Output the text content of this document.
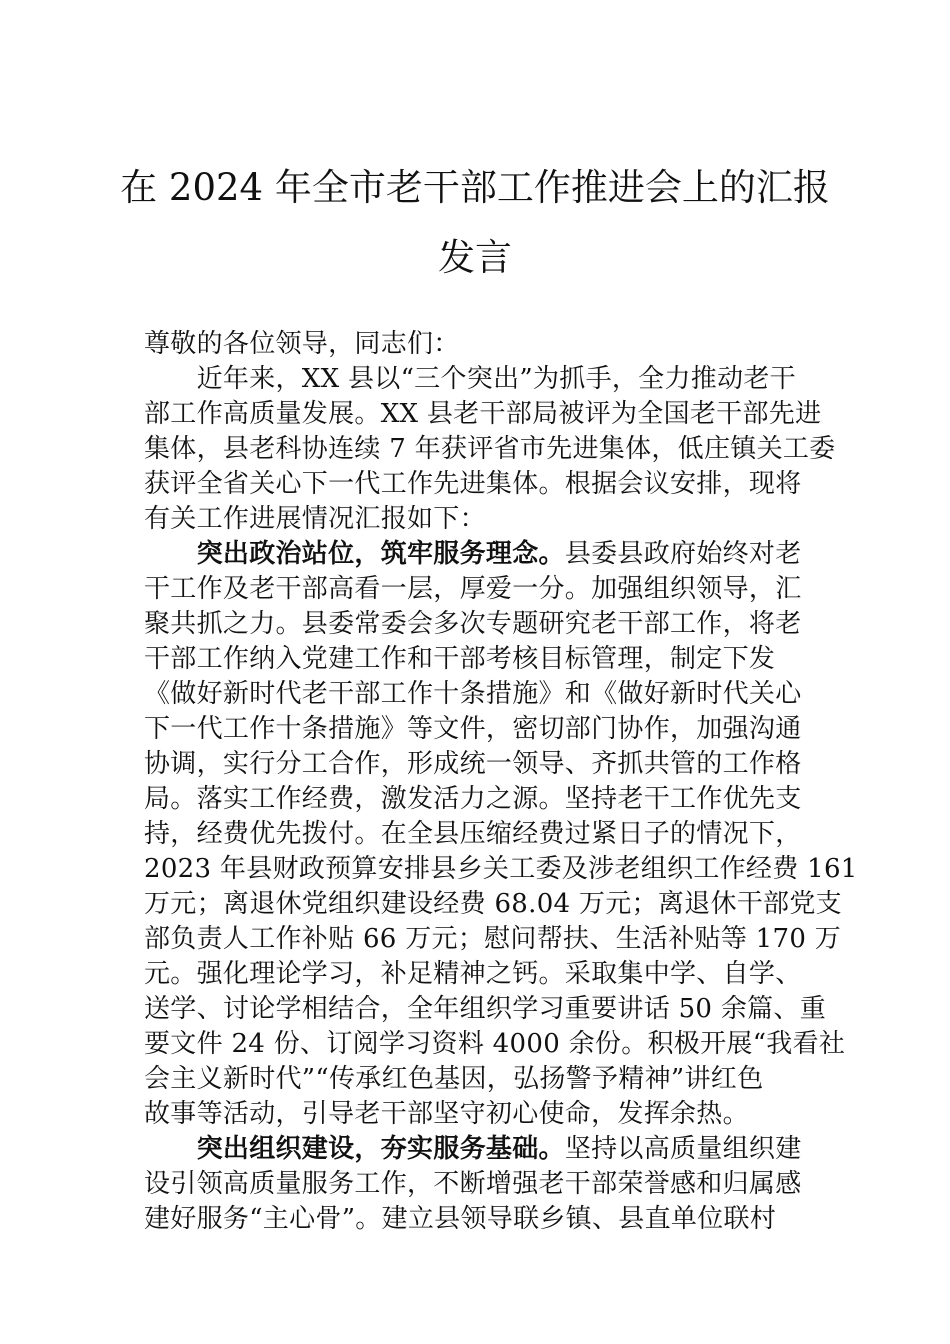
在 2024 年全市老干部工作推进会上的汇报
发言
尊敬的各位领导，同志们：
　　近年来，XX 县以“三个突出”为抓手，全力推动老干
部工作高质量发展。XX 县老干部局被评为全国老干部先进
集体，县老科协连续 7 年获评省市先进集体，低庄镇关工委
获评全省关心下一代工作先进集体。根据会议安排，现将
有关工作进展情况汇报如下：
　　突出政治站位，筑牢服务理念。县委县政府始终对老
干工作及老干部高看一层，厚爱一分。加强组织领导，汇
聚共抓之力。县委常委会多次专题研究老干部工作，将老
干部工作纳入党建工作和干部考核目标管理，制定下发
《做好新时代老干部工作十条措施》和《做好新时代关心
下一代工作十条措施》等文件，密切部门协作，加强沟通
协调，实行分工合作，形成统一领导、齐抓共管的工作格
局。落实工作经费，激发活力之源。坚持老干工作优先支
持，经费优先拨付。在全县压缩经费过紧日子的情况下，
2023 年县财政预算安排县乡关工委及涉老组织工作经费 161
万元；离退休党组织建设经费 68.04 万元；离退休干部党支
部负责人工作补贴 66 万元；慰问帮扶、生活补贴等 170 万
元。强化理论学习，补足精神之钙。采取集中学、自学、
送学、讨论学相结合，全年组织学习重要讲话 50 余篇、重
要文件 24 份、订阅学习资料 4000 余份。积极开展“我看社
会主义新时代”“传承红色基因，弘扬警予精神”讲红色
故事等活动，引导老干部坚守初心使命，发挥余热。
　　突出组织建设，夯实服务基础。坚持以高质量组织建
设引领高质量服务工作，不断增强老干部荣誉感和归属感
建好服务“主心骨”。建立县领导联乡镇、县直单位联村
